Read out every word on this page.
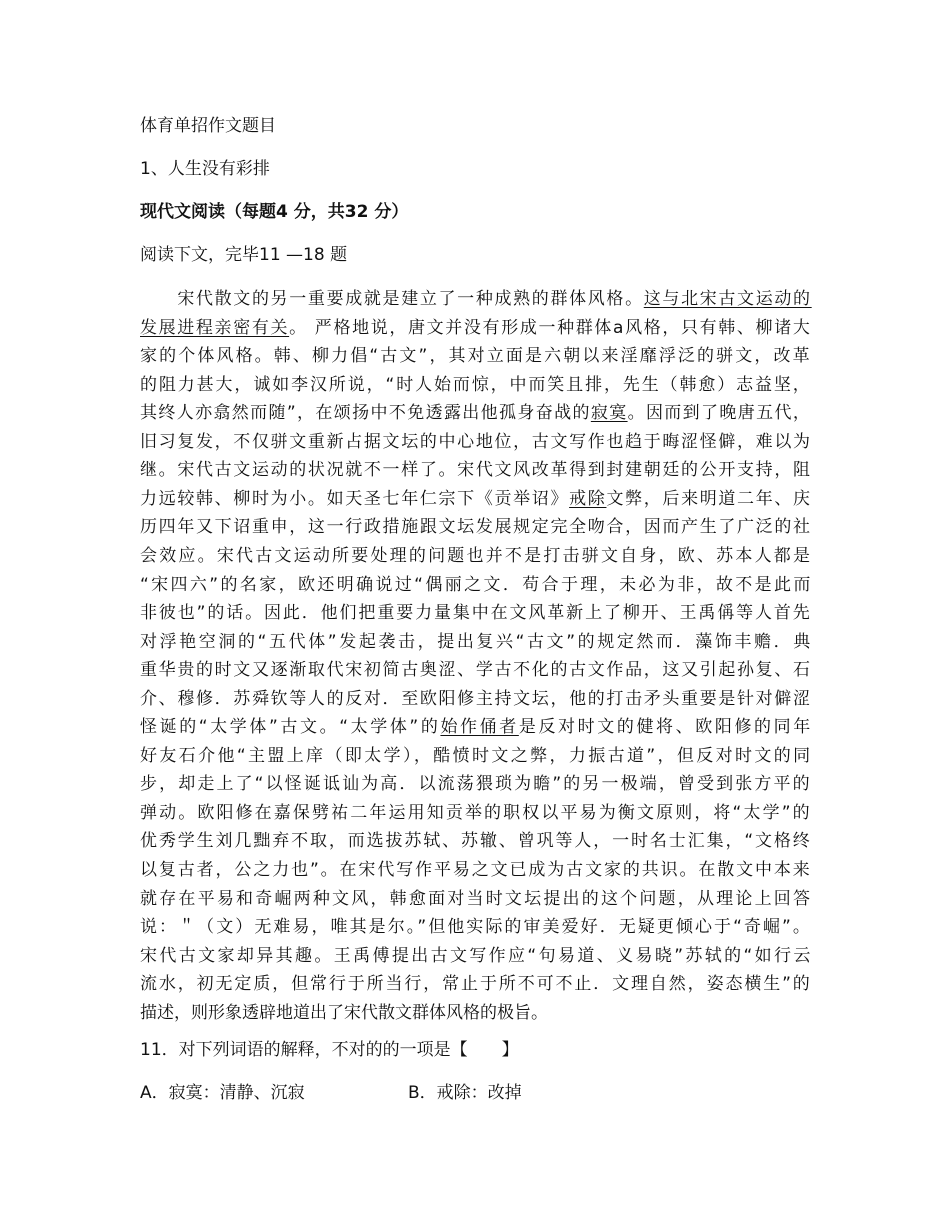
体育单招作文题目
1、人生没有彩排
现代文阅读（每题4 分，共32 分）
阅读下文，完毕11 —18 题
　　宋代散文的另一重要成就是建立了一种成熟的群体风格。这与北宋古文运动的
发展进程亲密有关。 严格地说，唐文并没有形成一种群体a风格，只有韩、柳诸大
家的个体风格。韩、柳力倡“古文”，其对立面是六朝以来淫靡浮泛的骈文，改革
的阻力甚大，诚如李汉所说，“时人始而惊，中而笑且排，先生（韩愈）志益坚，
其终人亦翕然而随”，在颂扬中不免透露出他孤身奋战的寂寞。因而到了晚唐五代，
旧习复发，不仅骈文重新占据文坛的中心地位，古文写作也趋于晦涩怪僻，难以为
继。宋代古文运动的状况就不一样了。宋代文风改革得到封建朝廷的公开支持，阻
力远较韩、柳时为小。如天圣七年仁宗下《贡举诏》戒除文弊，后来明道二年、庆
历四年又下诏重申，这一行政措施跟文坛发展规定完全吻合，因而产生了广泛的社
会效应。宋代古文运动所要处理的问题也并不是打击骈文自身，欧、苏本人都是
“宋四六”的名家，欧还明确说过“偶丽之文．苟合于理，未必为非，故不是此而
非彼也”的话。因此．他们把重要力量集中在文风革新上了柳开、王禹偁等人首先
对浮艳空洞的“五代体”发起袭击，提出复兴“古文”的规定然而．藻饰丰赡．典
重华贵的时文又逐渐取代宋初简古奥涩、学古不化的古文作品，这又引起孙复、石
介、穆修．苏舜钦等人的反对．至欧阳修主持文坛，他的打击矛头重要是针对僻涩
怪诞的“太学体”古文。“太学体”的始作俑者是反对时文的健将、欧阳修的同年
好友石介他“主盟上庠（即太学），酷愤时文之弊，力振古道”，但反对时文的同
步，却走上了“以怪诞诋讪为高．以流荡猥琐为瞻”的另一极端，曾受到张方平的
弹动。欧阳修在嘉保劈祐二年运用知贡举的职权以平易为衡文原则，将“太学”的
优秀学生刘几黜弃不取，而选拔苏轼、苏辙、曾巩等人，一时名士汇集，“文格终
以复古者，公之力也”。在宋代写作平易之文已成为古文家的共识。在散文中本来
就存在平易和奇崛两种文风，韩愈面对当时文坛提出的这个问题，从理论上回答
说：＂（文）无难易，唯其是尔。”但他实际的审美爱好．无疑更倾心于“奇崛”。
宋代古文家却异其趣。王禹傅提出古文写作应“句易道、义易晓”苏轼的“如行云
流水，初无定质，但常行于所当行，常止于所不可不止．文理自然，姿态横生”的
描述，则形象透辟地道出了宋代散文群体风格的极旨。
11．对下列词语的解释，不对的的一项是【　　】
A．寂寞：清静、沉寂	B．戒除：改掉
